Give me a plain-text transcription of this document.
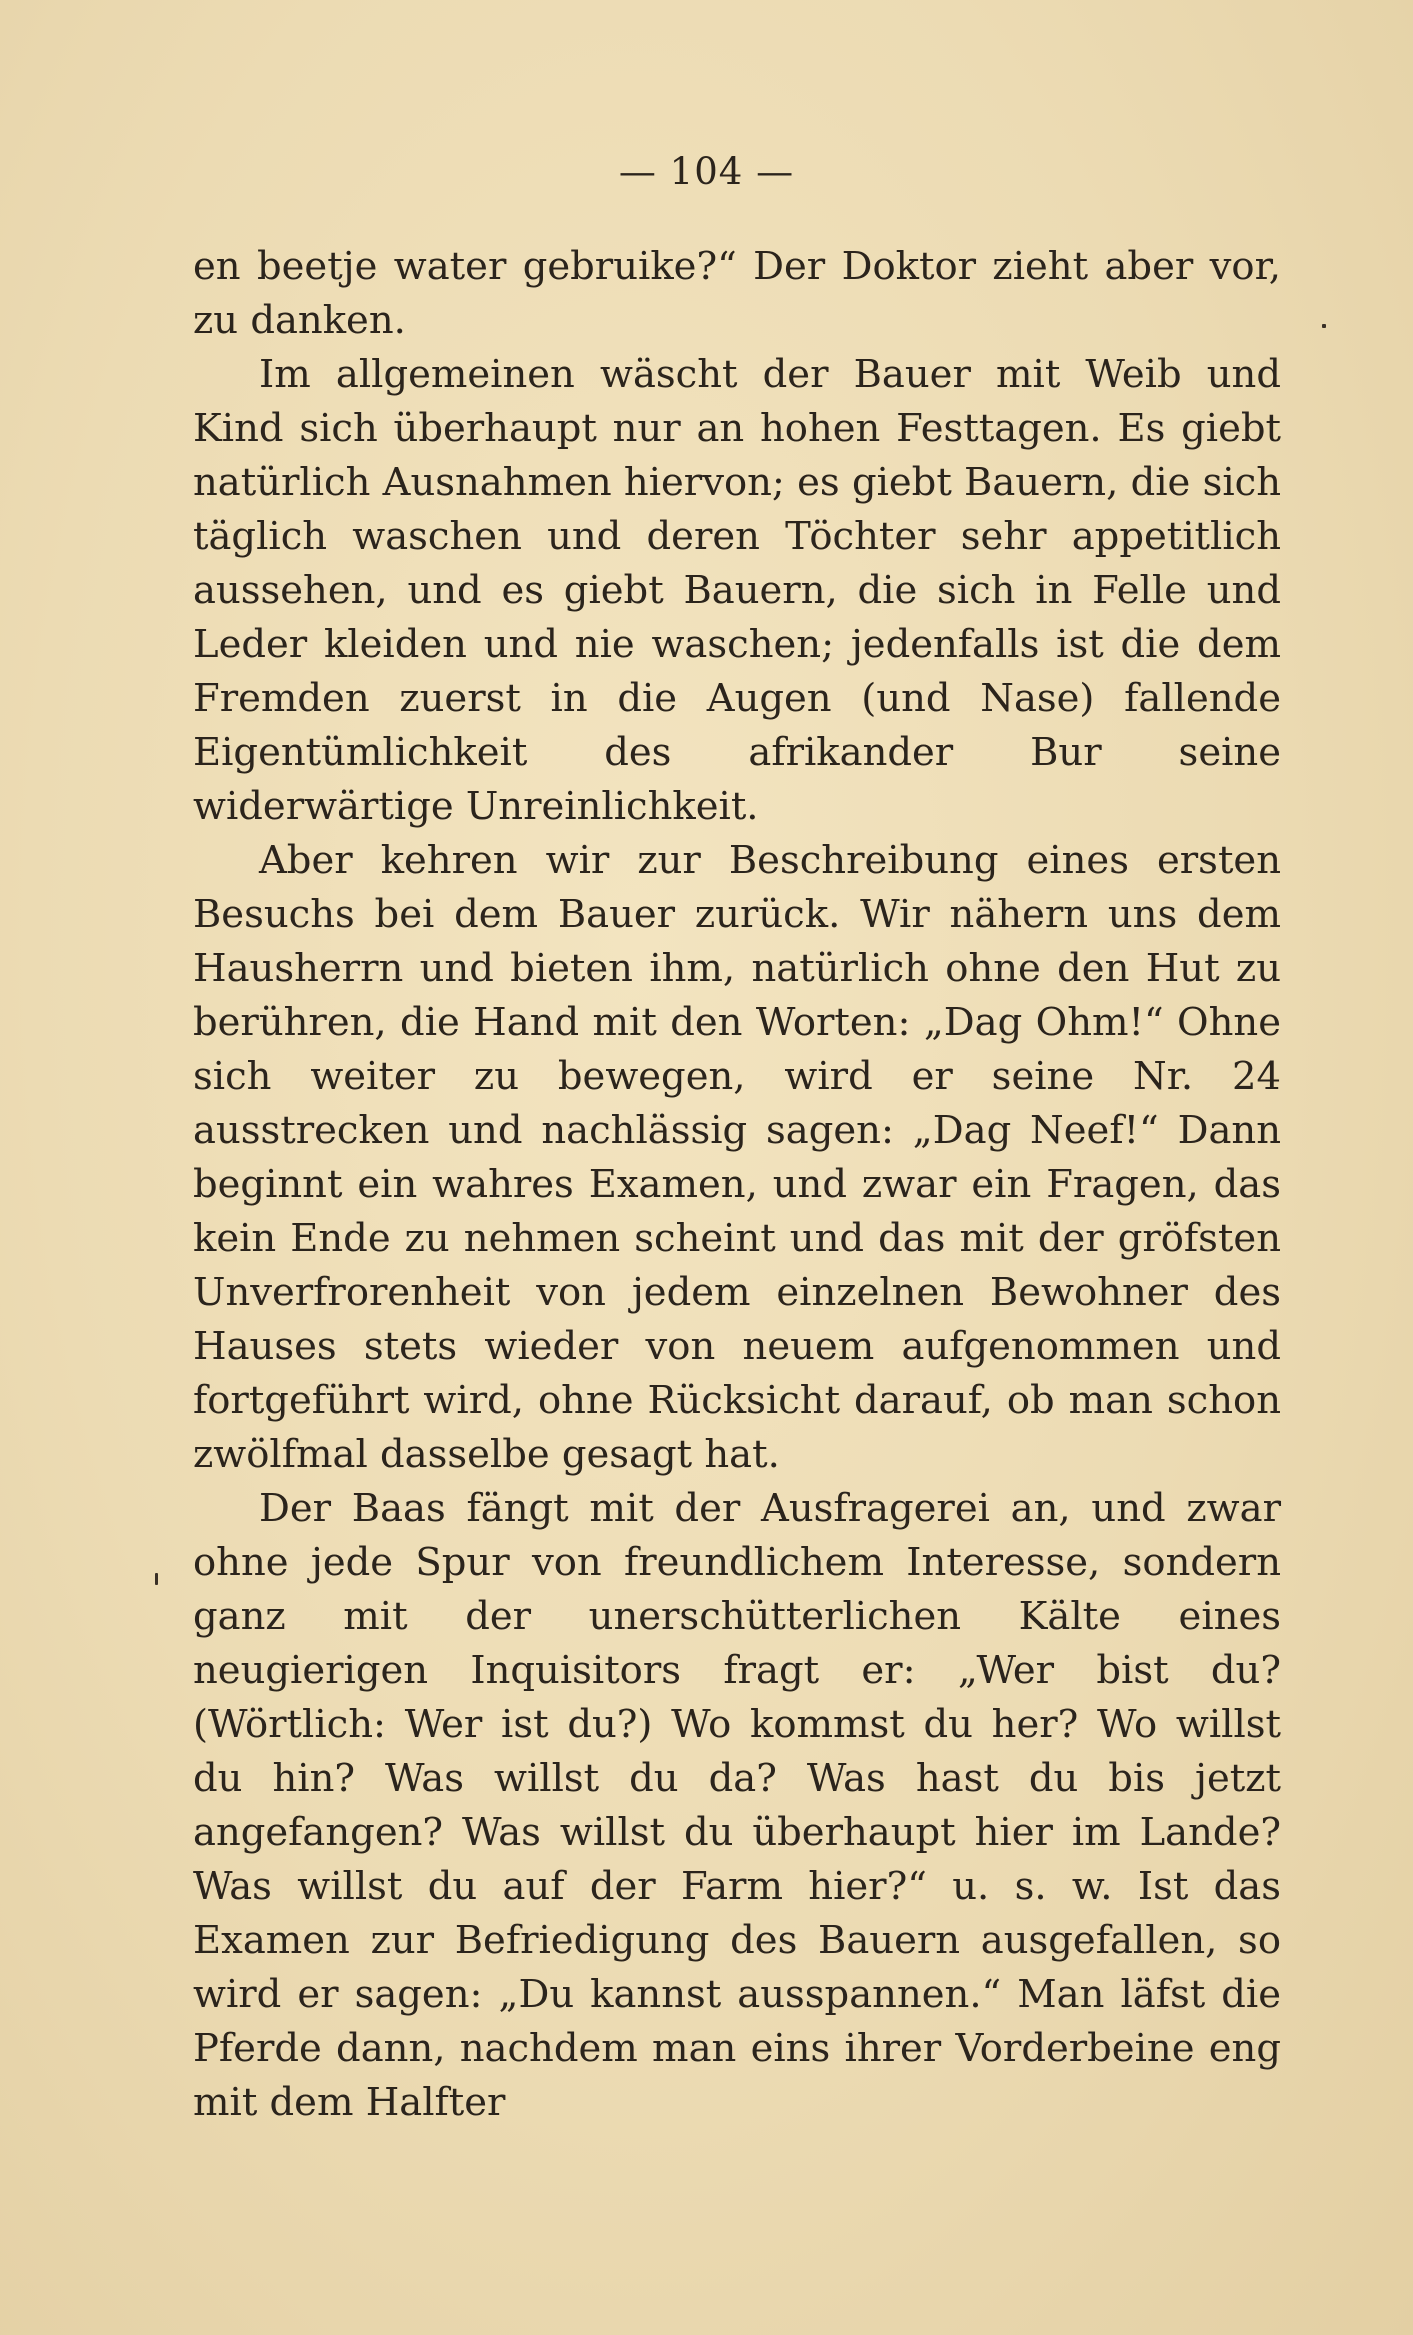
— 104 —

en beetje water gebruike?“ Der Doktor zieht aber vor, zu danken.

Im allgemeinen wäscht der Bauer mit Weib und Kind sich überhaupt nur an hohen Festtagen. Es giebt natürlich Ausnahmen hiervon; es giebt Bauern, die sich täglich waschen und deren Töchter sehr appetitlich aussehen, und es giebt Bauern, die sich in Felle und Leder kleiden und nie waschen; jedenfalls ist die dem Fremden zuerst in die Augen (und Nase) fallende Eigentümlichkeit des afrikander Bur seine widerwärtige Unreinlichkeit.

Aber kehren wir zur Beschreibung eines ersten Besuchs bei dem Bauer zurück. Wir nähern uns dem Hausherrn und bieten ihm, natürlich ohne den Hut zu berühren, die Hand mit den Worten: „Dag Ohm!“ Ohne sich weiter zu bewegen, wird er seine Nr. 24 ausstrecken und nachlässig sagen: „Dag Neef!“ Dann beginnt ein wahres Examen, und zwar ein Fragen, das kein Ende zu nehmen scheint und das mit der gröfsten Unverfrorenheit von jedem einzelnen Bewohner des Hauses stets wieder von neuem aufgenommen und fortgeführt wird, ohne Rücksicht darauf, ob man schon zwölfmal dasselbe gesagt hat.

Der Baas fängt mit der Ausfragerei an, und zwar ohne jede Spur von freundlichem Interesse, sondern ganz mit der unerschütterlichen Kälte eines neugierigen Inquisitors fragt er: „Wer bist du? (Wörtlich: Wer ist du?) Wo kommst du her? Wo willst du hin? Was willst du da? Was hast du bis jetzt angefangen? Was willst du überhaupt hier im Lande? Was willst du auf der Farm hier?“ u. s. w. Ist das Examen zur Befriedigung des Bauern ausgefallen, so wird er sagen: „Du kannst ausspannen.“ Man läfst die Pferde dann, nachdem man eins ihrer Vorderbeine eng mit dem Halfter
